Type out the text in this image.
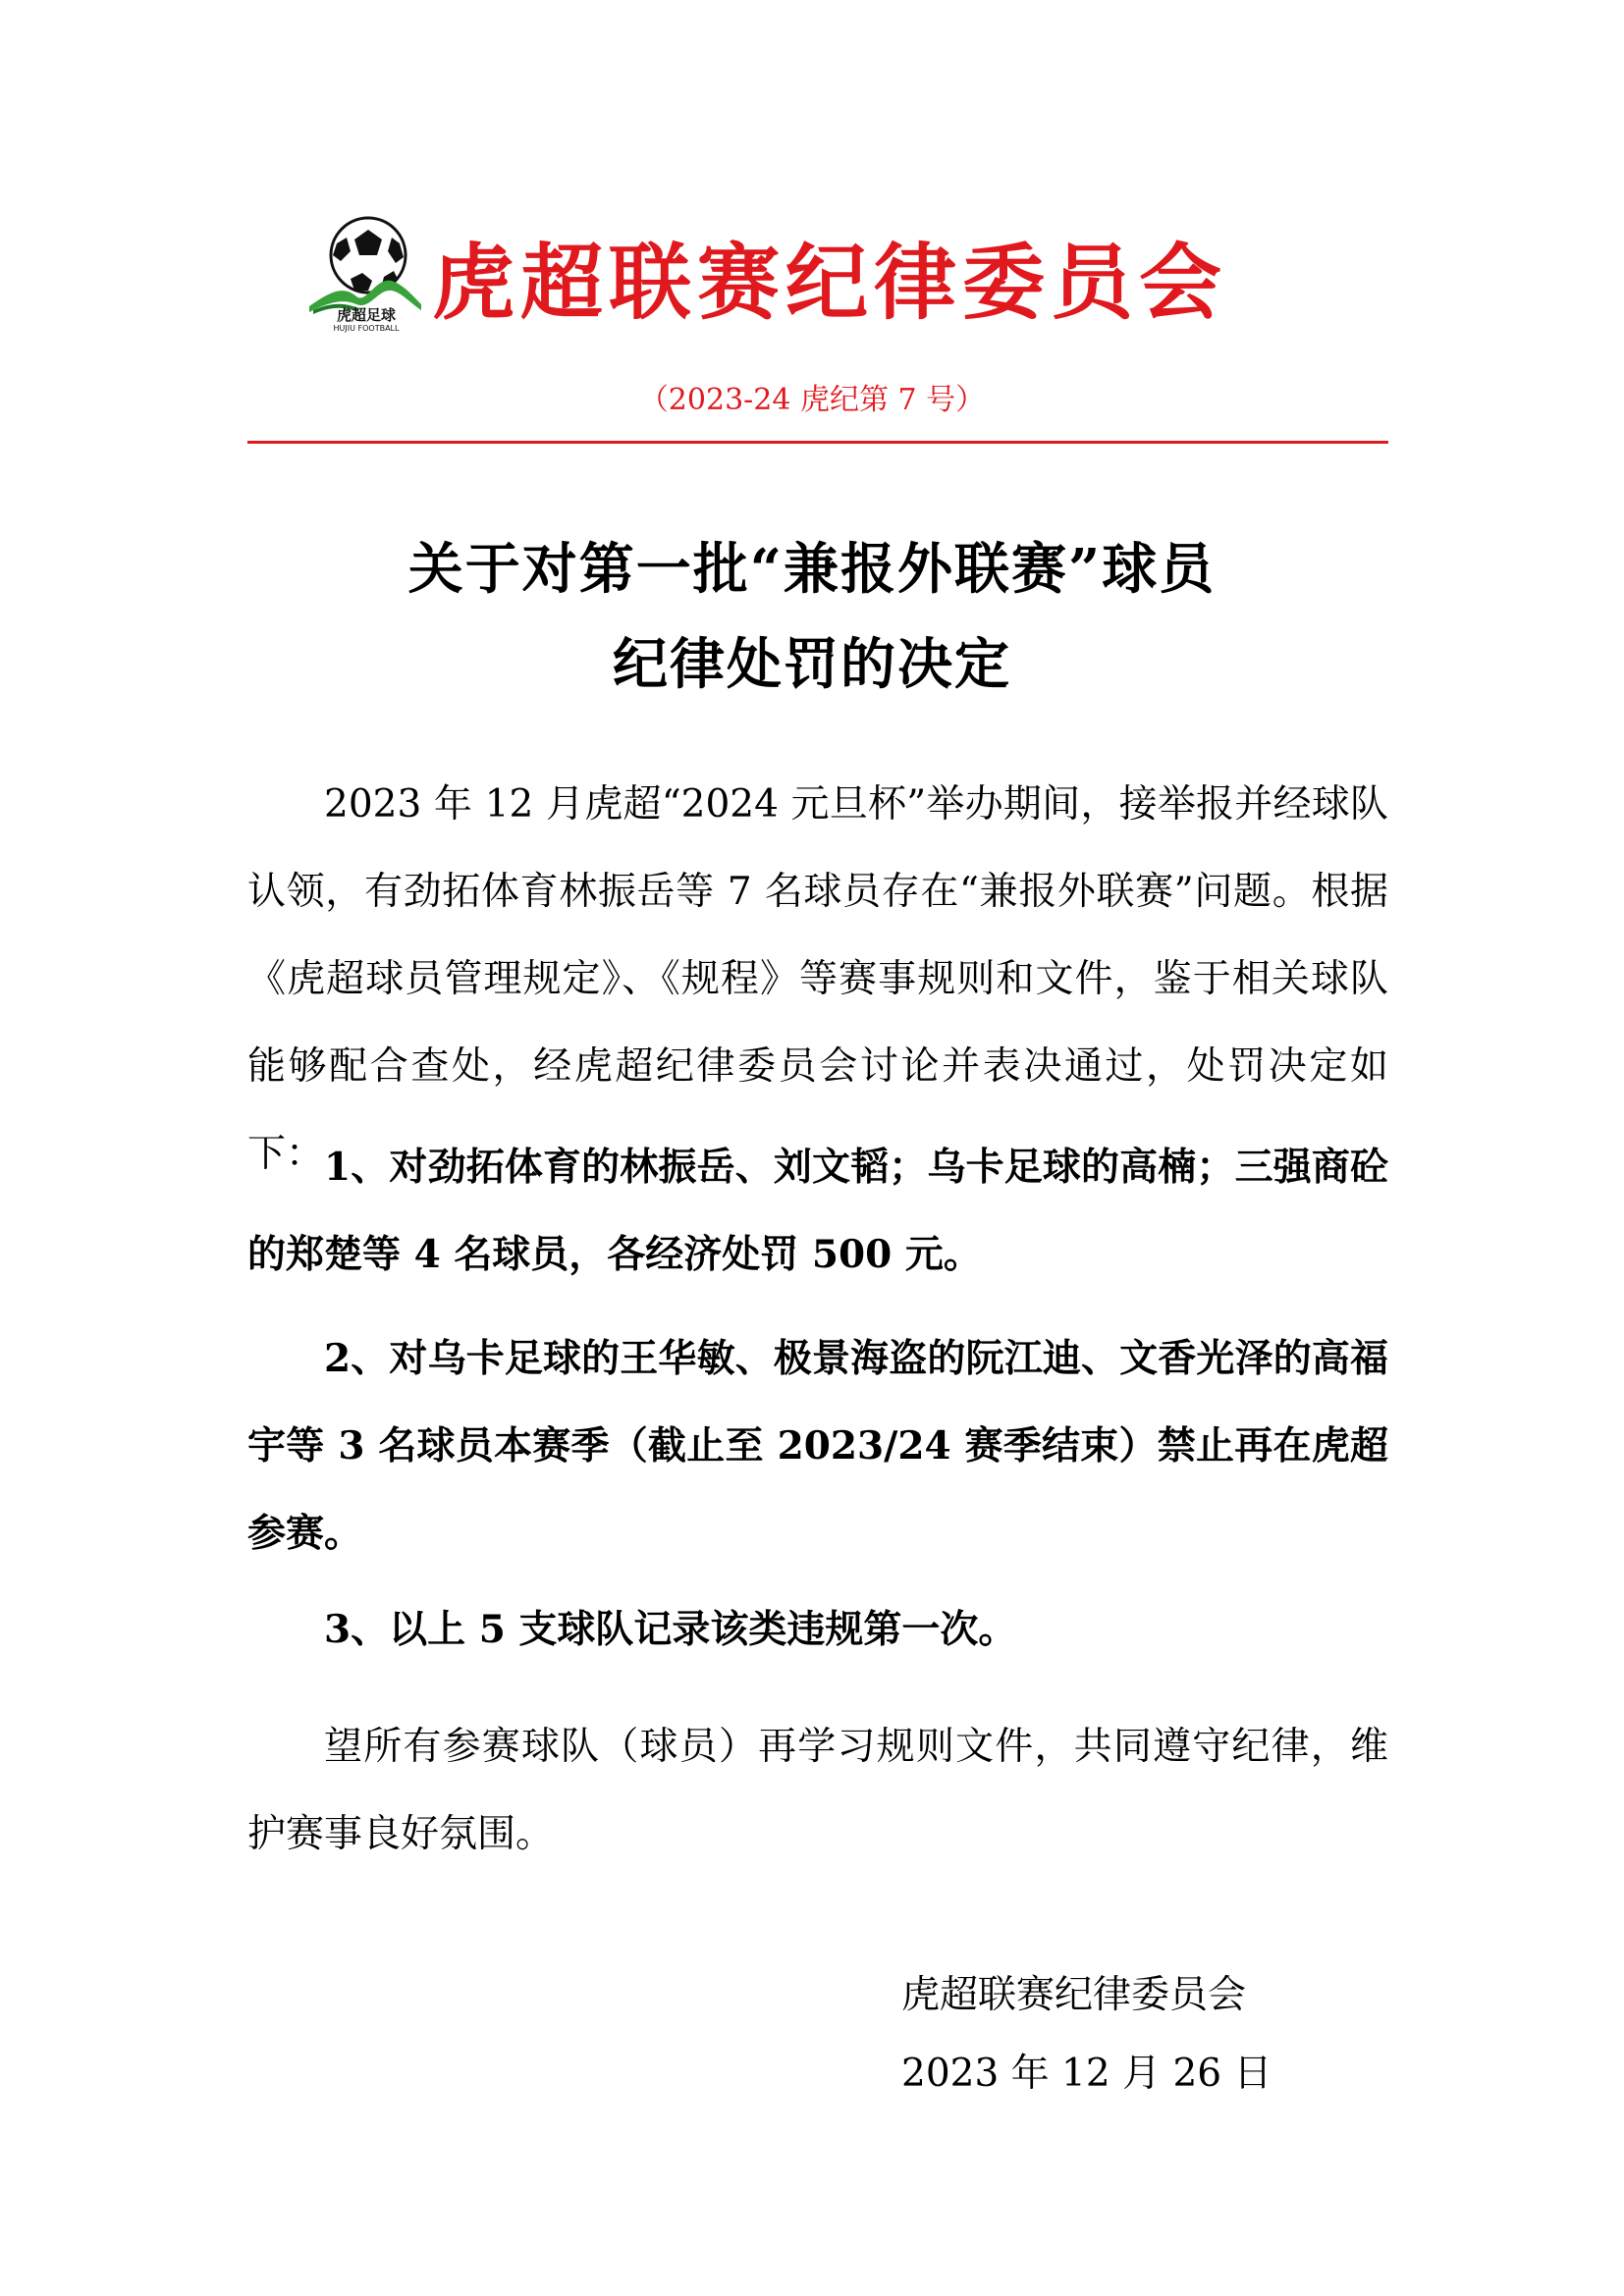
虎超足球
HUJIU FOOTBALL 虎超联赛纪律委员会
（2023-24 虎纪第 7 号）
关于对第一批“兼报外联赛”球员
纪律处罚的决定
2023 年 12 月虎超“2024 元旦杯”举办期间，接举报并经球队认领，有劲拓体育林振岳等 7 名球员存在“兼报外联赛”问题。根据《虎超球员管理规定》、《规程》等赛事规则和文件，鉴于相关球队能够配合查处，经虎超纪律委员会讨论并表决通过，处罚决定如下： 1、对劲拓体育的林振岳、刘文韬；乌卡足球的高楠；三强商砼的郑楚等 4 名球员，各经济处罚 500 元。
2、对乌卡足球的王华敏、极景海盗的阮江迪、文香光泽的高福宇等 3 名球员本赛季（截止至 2023/24 赛季结束）禁止再在虎超参赛。
3、以上 5 支球队记录该类违规第一次。
望所有参赛球队（球员）再学习规则文件，共同遵守纪律，维护赛事良好氛围。
虎超联赛纪律委员会
2023 年 12 月 26 日
